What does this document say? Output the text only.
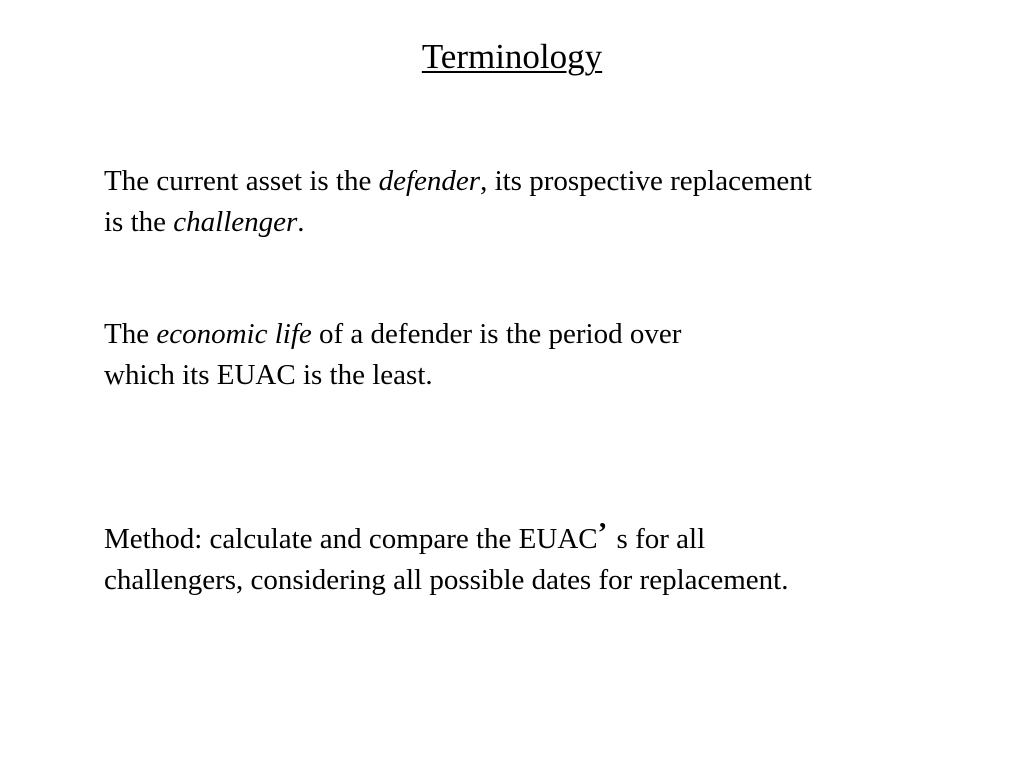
Terminology
The current asset is the defender, its prospective replacement
is the challenger.
The economic life of a defender is the period over
which its EUAC is the least.
Method: calculate and compare the EUAC’ s for all
challengers, considering all possible dates for replacement.
